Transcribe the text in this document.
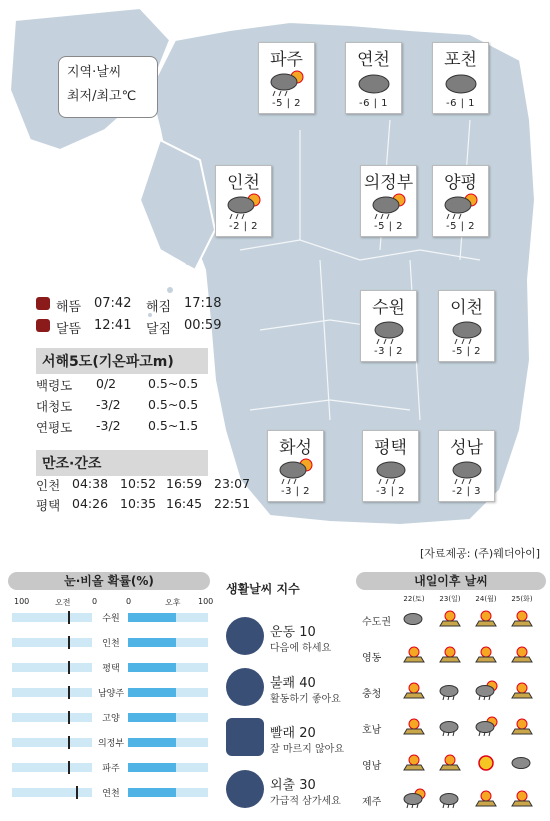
지역·날씨
최저/최고℃
파주
-5 | 2
연천
-6 | 1
포천
-6 | 1
인천
-2 | 2
의정부
-5 | 2
양평
-5 | 2
수원
-3 | 2
이천
-5 | 2
화성
-3 | 2
평택
-3 | 2
성남
-2 | 3
해뜸 07:42 해짐 17:18
달뜸 12:41 달짐 00:59
서해5도(기온파고m)
백령도 0/2	0.5~0.5
대청도 -3/2 0.5~0.5
연평도 -3/2 0.5~1.5
만조·간조
인천 04:38 10:52 16:59 23:07
평택 04:26 10:35 16:45 22:51
[자료제공: (주)웨더아이]
눈·비올 확률(%)
100	오전	0	0	오후 100
수원
인천
평택
남양주
고양
의정부
파주
연천
생활날씨 지수
운동 10
다음에 하세요
불쾌 40
활동하기 좋아요
빨래 20
잘 마르지 않아요
외출 30
가급적 삼가세요
내일이후 날씨
22(토)	23(일)	24(월)	25(화)
수도권
영동
충청
호남
영남
제주
